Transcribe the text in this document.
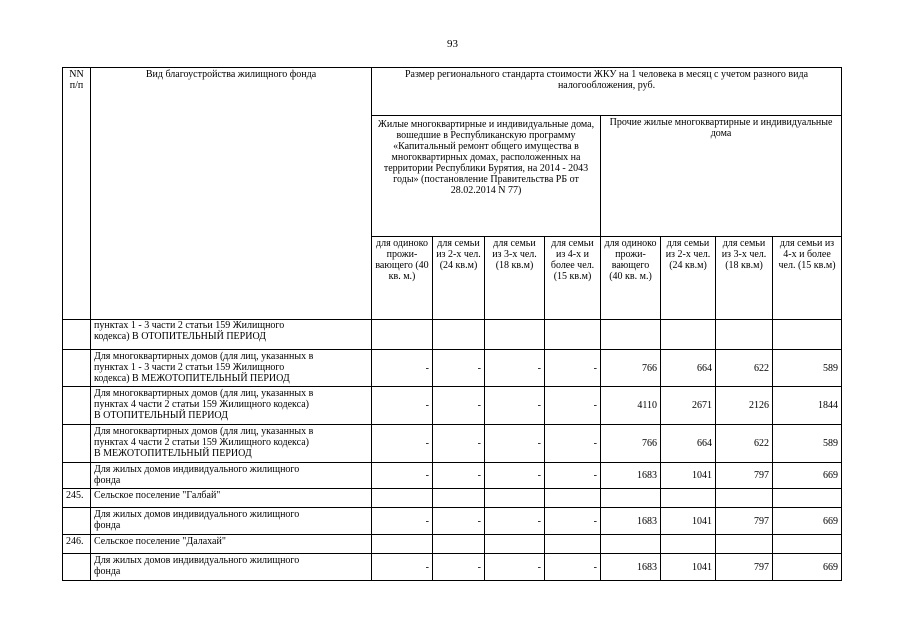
93
NN п/п	Вид благоустройства жилищного фонда	Размер регионального стандарта стоимости ЖКУ на 1 человека в месяц с учетом разного вида налогообложения, руб.							
		Жилые многоквартирные и индивидуальные дома, вошедшие в Республиканскую программу «Капитальный ремонт общего имущества в многоквартирных домах, расположенных на территории Республики Бурятия, на 2014 - 2043 годы» (постановление Правительства РБ от 28.02.2014 N 77)				Прочие жилые многоквартирные и индивидуальные дома			
		для одиноко прожи-вающего (40 кв. м.)	для семьи из 2-х чел. (24 кв.м)	для семьи из 3-х чел. (18 кв.м)	для семьи из 4-х и более чел. (15 кв.м)	для одиноко прожи-вающего (40 кв. м.)	для семьи из 2-х чел. (24 кв.м)	для семьи из 3-х чел. (18 кв.м)	для семьи из 4-х и более чел. (15 кв.м)

	пунктах 1 - 3 части 2 статьи 159 Жилищного
кодекса) В ОТОПИТЕЛЬНЫЙ ПЕРИОД								

	Для многоквартирных домов (для лиц, указанных в
пунктах 1 - 3 части 2 статьи 159 Жилищного
кодекса) В МЕЖОТОПИТЕЛЬНЫЙ ПЕРИОД	-	-	-	-	766	664	622	589

	Для многоквартирных домов (для лиц, указанных в
пунктах 4 части 2 статьи 159 Жилищного кодекса)
В ОТОПИТЕЛЬНЫЙ ПЕРИОД	-	-	-	-	4110	2671	2126	1844

	Для многоквартирных домов (для лиц, указанных в
пунктах 4 части 2 статьи 159 Жилищного кодекса)
В МЕЖОТОПИТЕЛЬНЫЙ ПЕРИОД	-	-	-	-	766	664	622	589

	Для жилых домов индивидуального жилищного
фонда	-	-	-	-	1683	1041	797	669
245.	Сельское поселение "Галбай"								

	Для жилых домов индивидуального жилищного
фонда	-	-	-	-	1683	1041	797	669
246.	Сельское поселение "Далахай"								

	Для жилых домов индивидуального жилищного
фонда	-	-	-	-	1683	1041	797	669
